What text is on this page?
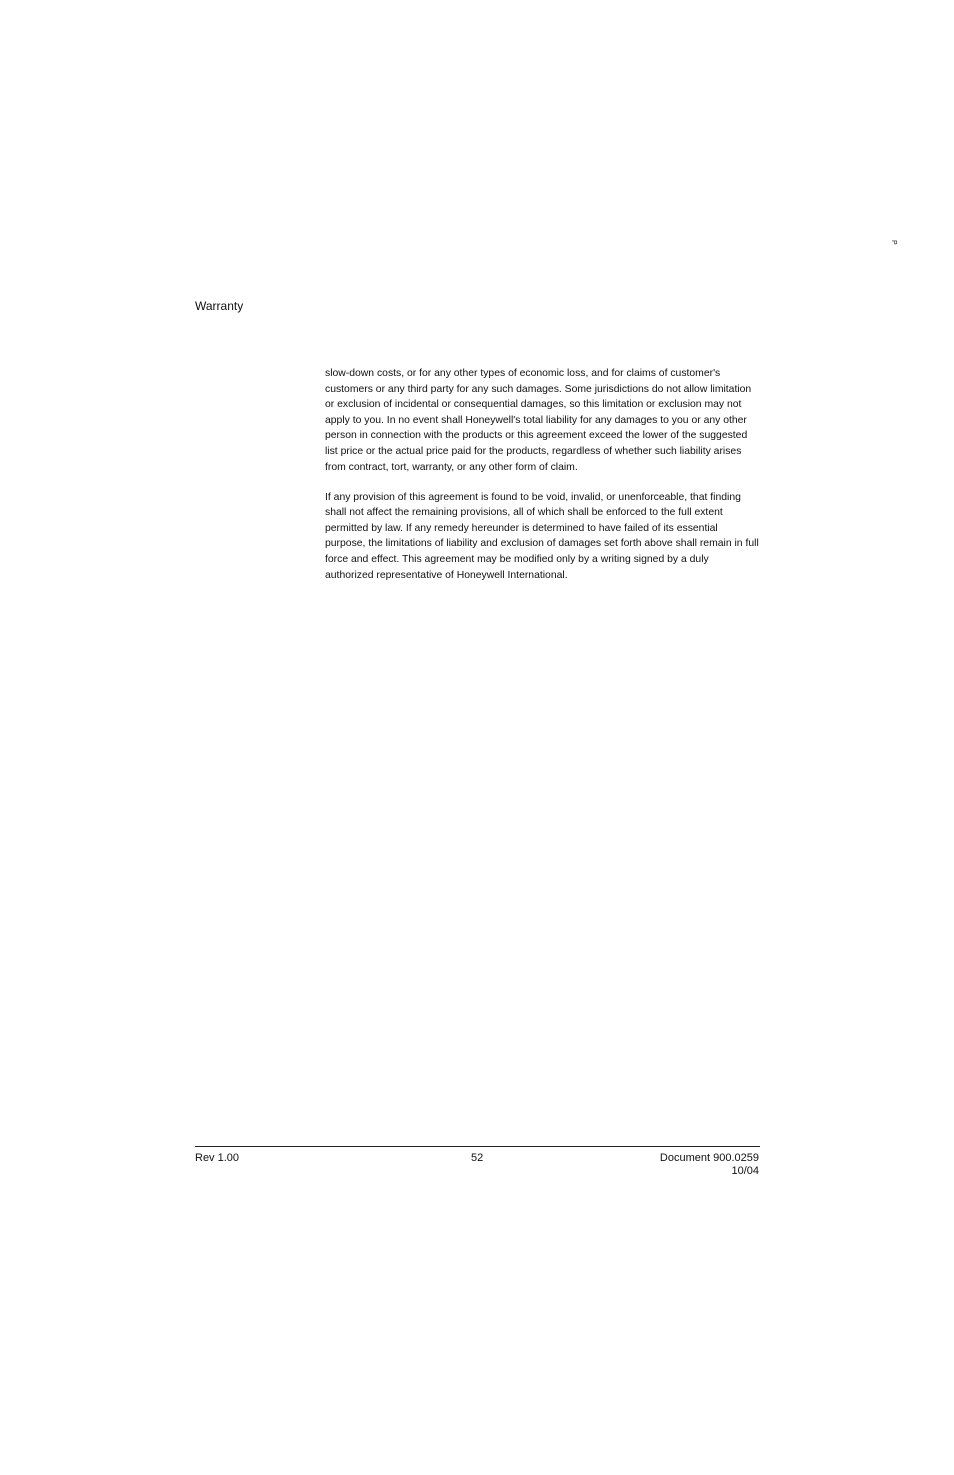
P
Warranty

slow-down costs, or for any other types of economic loss, and for claims of customer's customers or any third party for any such damages. Some jurisdictions do not allow limitation or exclusion of incidental or consequential damages, so this limitation or exclusion may not apply to you. In no event shall Honeywell's total liability for any damages to you or any other person in connection with the products or this agreement exceed the lower of the suggested list price or the actual price paid for the products, regardless of whether such liability arises from contract, tort, warranty, or any other form of claim.

If any provision of this agreement is found to be void, invalid, or unenforceable, that finding shall not affect the remaining provisions, all of which shall be enforced to the full extent permitted by law. If any remedy hereunder is determined to have failed of its essential purpose, the limitations of liability and exclusion of damages set forth above shall remain in full force and effect. This agreement may be modified only by a writing signed by a duly authorized representative of Honeywell International.

Rev 1.00	52	Document 900.0259
10/04
